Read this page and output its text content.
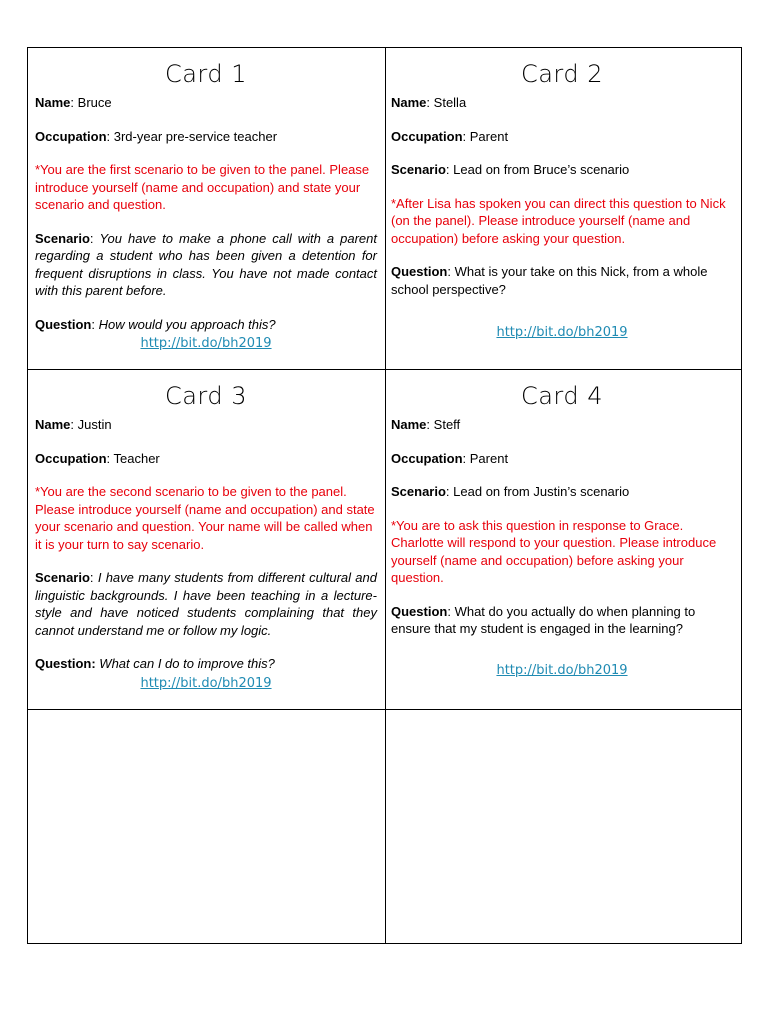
Card 1

Name: Bruce

Occupation: 3rd-year pre-service teacher

*You are the first scenario to be given to the panel. Please introduce yourself (name and occupation) and state your scenario and question.

Scenario: You have to make a phone call with a parent regarding a student who has been given a detention for frequent disruptions in class. You have not made contact with this parent before.

Question: How would you approach this?

http://bit.do/bh2019
Card 2

Name: Stella

Occupation: Parent

Scenario: Lead on from Bruce’s scenario

*After Lisa has spoken you can direct this question to Nick (on the panel). Please introduce yourself (name and occupation) before asking your question.

Question: What is your take on this Nick, from a whole school perspective?

http://bit.do/bh2019
Card 3

Name: Justin

Occupation: Teacher

*You are the second scenario to be given to the panel. Please introduce yourself (name and occupation) and state your scenario and question. Your name will be called when it is your turn to say scenario.

Scenario: I have many students from different cultural and linguistic backgrounds. I have been teaching in a lecture-style and have noticed students complaining that they cannot understand me or follow my logic.

Question: What can I do to improve this?

http://bit.do/bh2019
Card 4

Name: Steff

Occupation: Parent

Scenario: Lead on from Justin’s scenario

*You are to ask this question in response to Grace. Charlotte will respond to your question. Please introduce yourself (name and occupation) before asking your question.

Question: What do you actually do when planning to ensure that my student is engaged in the learning?

http://bit.do/bh2019
